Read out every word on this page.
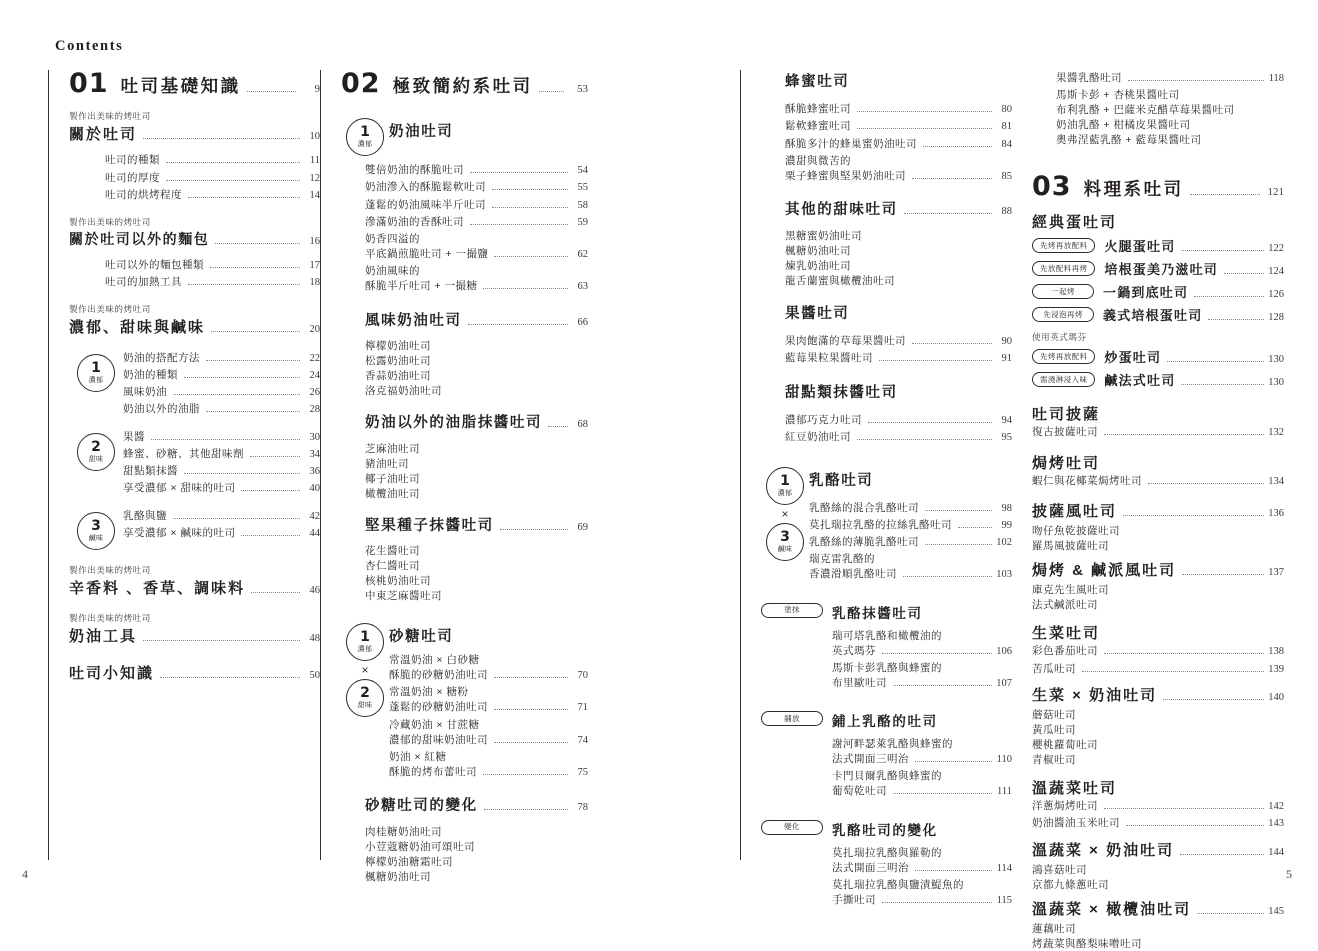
Contents
4	5
01 吐司基礎知識	9
製作出美味的烤吐司
關於吐司	10
吐司的種類	11
吐司的厚度	12
吐司的烘烤程度	14
製作出美味的烤吐司
關於吐司以外的麵包	16
吐司以外的麵包種類	17
吐司的加熱工具	18
製作出美味的烤吐司
濃郁、甜味與鹹味	20
1
濃郁
奶油的搭配方法	22
奶油的種類	24
風味奶油	26
奶油以外的油脂	28
2
甜味
果醬	30
蜂蜜、砂糖、其他甜味劑	34
甜點類抹醬	36
享受濃郁 × 甜味的吐司	40
3
鹹味
乳酪與鹽	42
享受濃郁 × 鹹味的吐司	44
製作出美味的烤吐司
辛香料 、香草、調味料	46
製作出美味的烤吐司
奶油工具	48
吐司小知識	50
02 極致簡約系吐司	53
1
濃郁
奶油吐司
雙倍奶油的酥脆吐司	54
奶油滲入的酥脆鬆軟吐司	55
蓬鬆的奶油風味半斤吐司	58
滲滿奶油的香酥吐司	59
奶香四溢的
平底鍋煎脆吐司 + 一撮鹽	62
奶油風味的
酥脆半斤吐司 + 一撮糖	63
風味奶油吐司	66
檸檬奶油吐司
松露奶油吐司
香蒜奶油吐司
洛克福奶油吐司
奶油以外的油脂抹醬吐司	68
芝麻油吐司
豬油吐司
椰子油吐司
橄欖油吐司
堅果種子抹醬吐司	69
花生醬吐司
杏仁醬吐司
核桃奶油吐司
中東芝麻醬吐司
1
濃郁
×
2
甜味
砂糖吐司
常溫奶油 × 白砂糖
酥脆的砂糖奶油吐司	70
常溫奶油 × 糖粉
蓬鬆的砂糖奶油吐司	71
冷藏奶油 × 甘蔗糖
濃郁的甜味奶油吐司	74
奶油 × 紅糖
酥脆的烤布蕾吐司	75
砂糖吐司的變化	78
肉桂糖奶油吐司
小荳蔻糖奶油可頌吐司
檸檬奶油糖霜吐司
楓糖奶油吐司
蜂蜜吐司
酥脆蜂蜜吐司	80
鬆軟蜂蜜吐司	81
酥脆多汁的蜂巢蜜奶油吐司	84
濃甜與微苦的
栗子蜂蜜與堅果奶油吐司	85
其他的甜味吐司	88
黑糖蜜奶油吐司
楓糖奶油吐司
煉乳奶油吐司
龍舌蘭蜜與橄欖油吐司
果醬吐司
果肉飽滿的草莓果醬吐司	90
藍莓果粒果醬吐司	91
甜點類抹醬吐司
濃郁巧克力吐司	94
紅豆奶油吐司	95
1
濃郁
×
3
鹹味
乳酪吐司
乳酪絲的混合乳酪吐司	98
莫扎瑞拉乳酪的拉絲乳酪吐司	99
乳酪絲的薄脆乳酪吐司	102
瑞克雷乳酪的
香濃滑順乳酪吐司	103
塗抹	乳酪抹醬吐司
瑞可塔乳酪和橄欖油的
英式瑪芬	106
馬斯卡彭乳酪與蜂蜜的
布里歐吐司	107
舖放	鋪上乳酪的吐司
謝河畔瑟萊乳酪與蜂蜜的
法式開面三明治	110
卡門貝爾乳酪與蜂蜜的
葡萄乾吐司	111
變化	乳酪吐司的變化
莫扎瑞拉乳酪與羅勒的
法式開面三明治	114
莫扎瑞拉乳酪與鹽漬鯷魚的
手撕吐司	115
果醬乳酪吐司	118
馬斯卡彭 + 杏桃果醬吐司
布利乳酪 + 巴薩米克醋草莓果醬吐司
奶油乳酪 + 柑橘皮果醬吐司
奧弗涅藍乳酪 + 藍莓果醬吐司
03 料理系吐司	121
經典蛋吐司
先烤再放配料	火腿蛋吐司	122
先放配料再烤	培根蛋美乃滋吐司	124
一起烤	一鍋到底吐司	126
先浸泡再烤	義式培根蛋吐司	128
使用英式瑪芬
先烤再放配料	炒蛋吐司	130
需澆淋浸入味	鹹法式吐司	130
吐司披薩
復古披薩吐司	132
焗烤吐司
蝦仁與花椰菜焗烤吐司	134
披薩風吐司	136
吻仔魚乾披薩吐司
羅馬風披薩吐司
焗烤 & 鹹派風吐司	137
庫克先生風吐司
法式鹹派吐司
生菜吐司
彩色番茄吐司	138
苦瓜吐司	139
生菜 × 奶油吐司	140
蘑菇吐司
黃瓜吐司
櫻桃蘿蔔吐司
青椒吐司
溫蔬菜吐司
洋蔥焗烤吐司	142
奶油醬油玉米吐司	143
溫蔬菜 × 奶油吐司	144
鴻喜菇吐司
京都九條蔥吐司
溫蔬菜 × 橄欖油吐司	145
蓮藕吐司
烤蔬菜與酪梨味噌吐司
